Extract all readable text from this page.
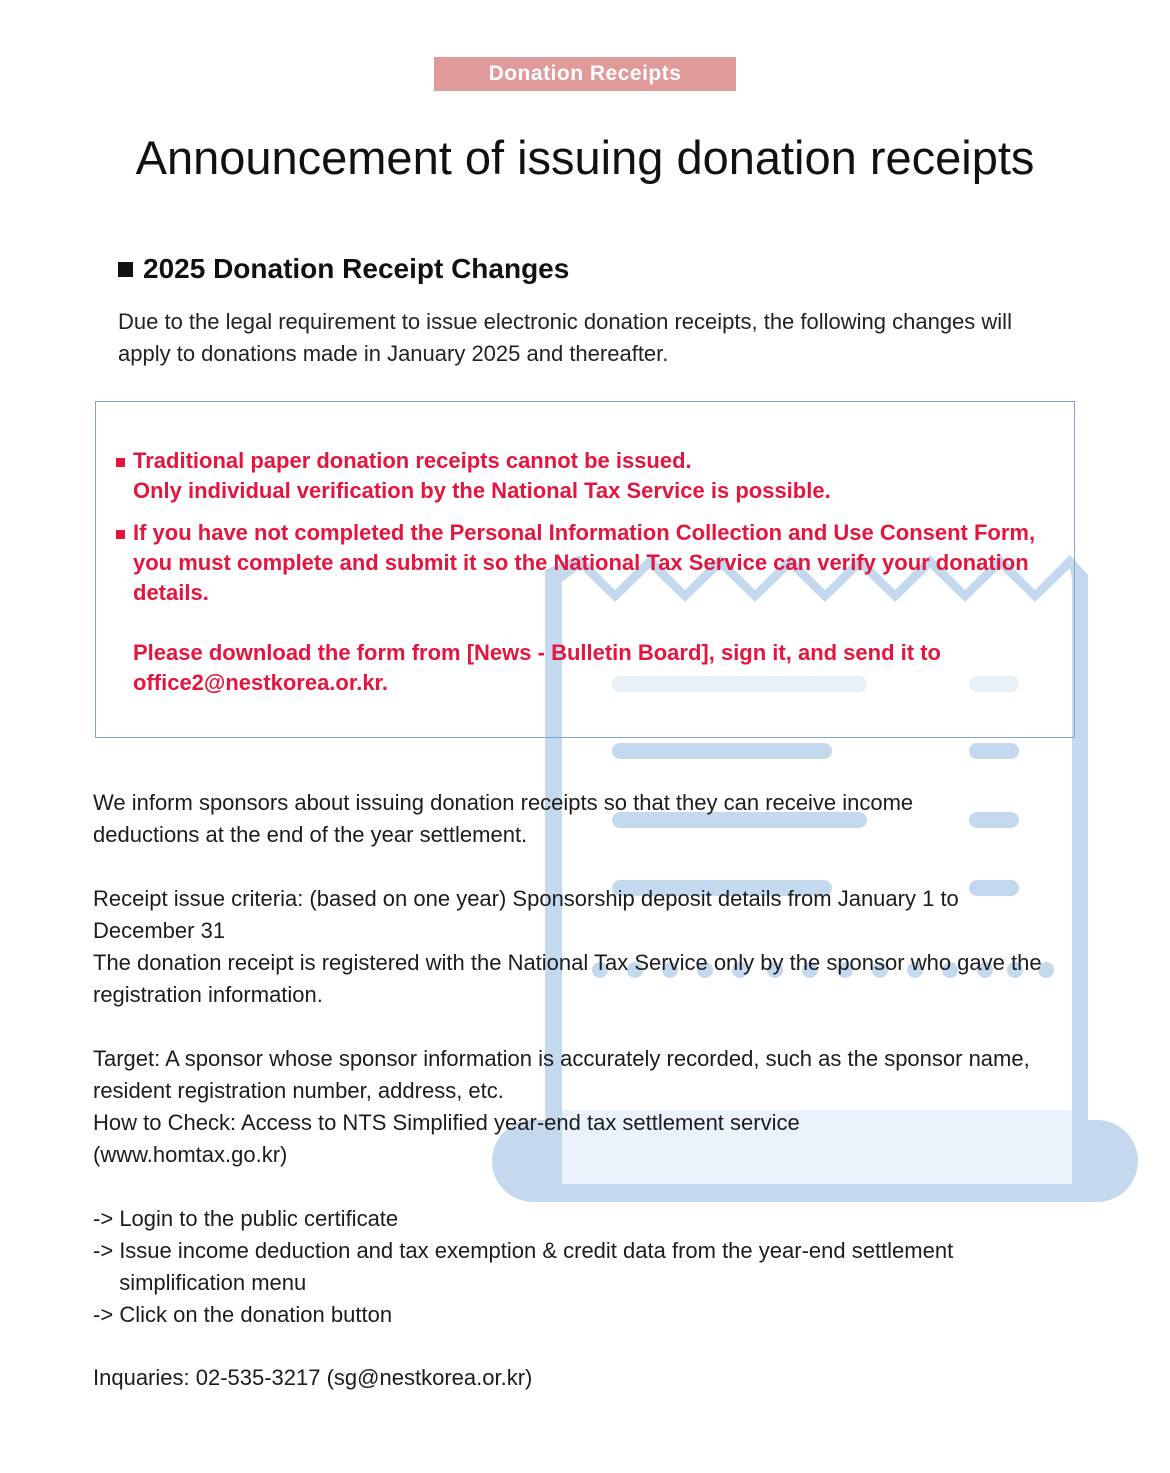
Donation Receipts
Announcement of issuing donation receipts
2025 Donation Receipt Changes
Due to the legal requirement to issue electronic donation receipts, the following changes will apply to donations made in January 2025 and thereafter.
Traditional paper donation receipts cannot be issued.
Only individual verification by the National Tax Service is possible.
If you have not completed the Personal Information Collection and Use Consent Form, you must complete and submit it so the National Tax Service can verify your donation details.
Please download the form from [News - Bulletin Board], sign it, and send it to office2@nestkorea.or.kr.

We inform sponsors about issuing donation receipts so that they can receive income deductions at the end of the year settlement.

Receipt issue criteria: (based on one year) Sponsorship deposit details from January 1 to December 31

The donation receipt is registered with the National Tax Service only by the sponsor who gave the registration information.

Target: A sponsor whose sponsor information is accurately recorded, such as the sponsor name, resident registration number, address, etc.

How to Check: Access to NTS Simplified year-end tax settlement service (www.homtax.go.kr)

-> Login to the public certificate
-> Issue income deduction and tax exemption & credit data from the year-end settlement simplification menu
-> Click on the donation button

Inquaries: 02-535-3217 (sg@nestkorea.or.kr)
